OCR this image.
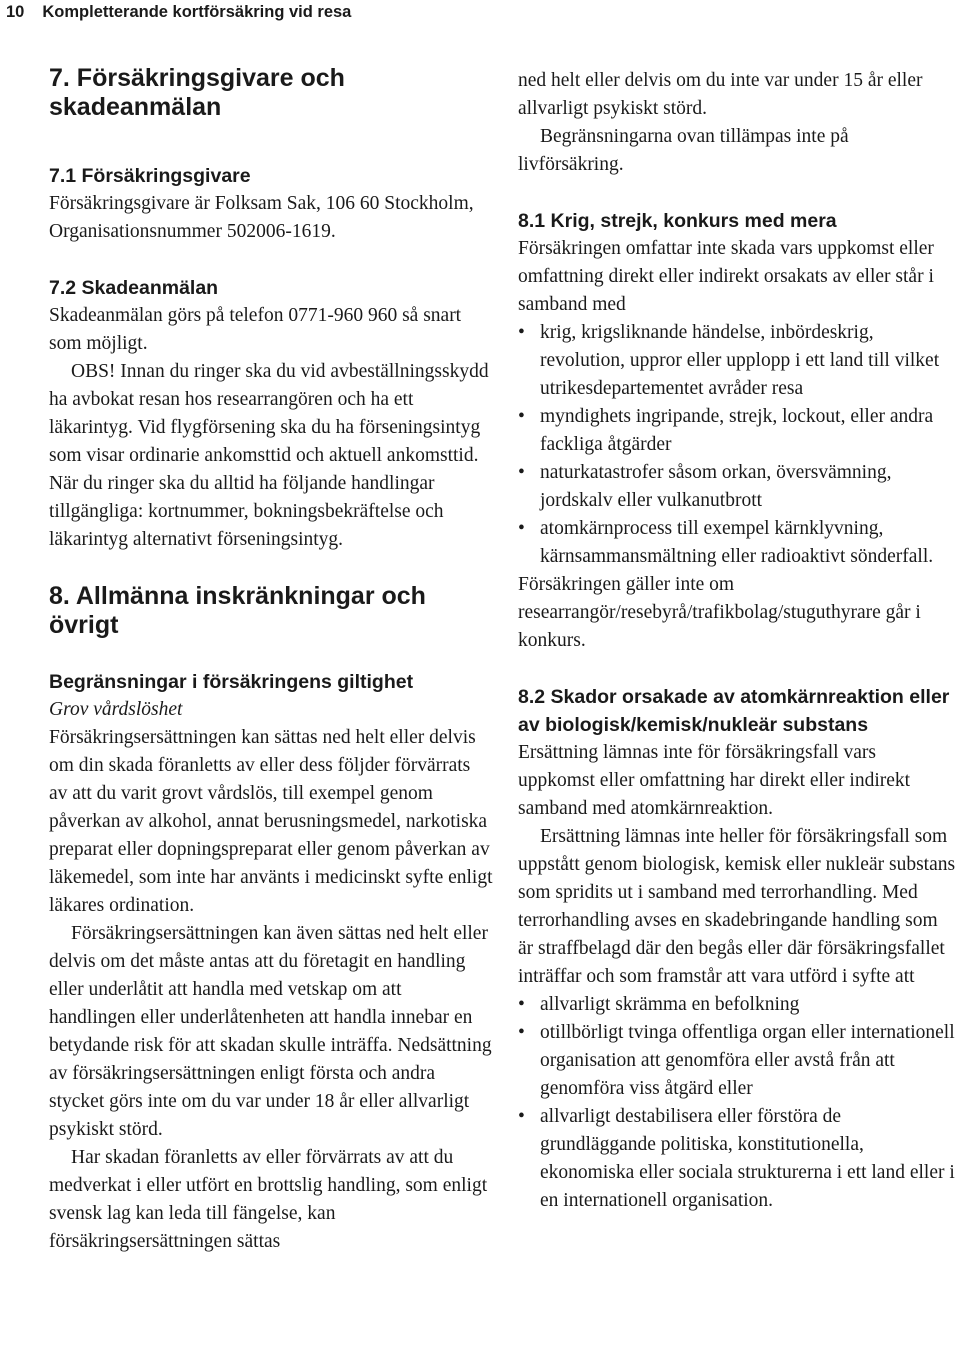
10 Kompletterande kortförsäkring vid resa
7. Försäkringsgivare och skadeanmälan
7.1 Försäkringsgivare

Försäkringsgivare är Folksam Sak, 106 60 Stockholm, Organisationsnummer 502006-1619.

7.2 Skadeanmälan

Skadeanmälan görs på telefon 0771-960 960 så snart som möjligt.

OBS! Innan du ringer ska du vid avbeställningsskydd ha avbokat resan hos researrangören och ha ett läkarintyg. Vid flygförsening ska du ha förseningsintyg som visar ordinarie ankomsttid och aktuell ankomsttid. När du ringer ska du alltid ha följande handlingar tillgängliga: kortnummer, bokningsbekräftelse och läkarintyg alternativt förseningsintyg.

8. Allmänna inskränkningar och övrigt
Begränsningar i försäkringens giltighet

Grov vårdslöshet

Försäkringsersättningen kan sättas ned helt eller delvis om din skada föranletts av eller dess följder förvärrats av att du varit grovt vårdslös, till exempel genom påverkan av alkohol, annat berusningsmedel, narkotiska preparat eller dopningspreparat eller genom påverkan av läkemedel, som inte har använts i medicinskt syfte enligt läkares ordination.

Försäkringsersättningen kan även sättas ned helt eller delvis om det måste antas att du företagit en handling eller underlåtit att handla med vetskap om att handlingen eller underlåtenheten att handla innebar en betydande risk för att skadan skulle inträffa. Nedsättning av försäkringsersättningen enligt första och andra stycket görs inte om du var under 18 år eller allvarligt psykiskt störd.

Har skadan föranletts av eller förvärrats av att du medverkat i eller utfört en brottslig handling, som enligt svensk lag kan leda till fängelse, kan försäkringsersättningen sättas

ned helt eller delvis om du inte var under 15 år eller allvarligt psykiskt störd.

Begränsningarna ovan tillämpas inte på livförsäkring.

8.1 Krig, strejk, konkurs med mera

Försäkringen omfattar inte skada vars uppkomst eller omfattning direkt eller indirekt orsakats av eller står i samband med

• krig, krigsliknande händelse, inbördeskrig, revolution, uppror eller upplopp i ett land till vilket utrikesdepartementet avråder resa
• myndighets ingripande, strejk, lockout, eller andra fackliga åtgärder
• naturkatastrofer såsom orkan, översvämning, jordskalv eller vulkanutbrott
• atomkärnprocess till exempel kärnklyvning, kärnsammansmältning eller radioaktivt sönderfall.

Försäkringen gäller inte om researrangör/resebyrå/trafikbolag/stuguthyrare går i konkurs.

8.2 Skador orsakade av atomkärnreaktion eller av biologisk/kemisk/nukleär substans

Ersättning lämnas inte för försäkringsfall vars uppkomst eller omfattning har direkt eller indirekt samband med atomkärnreaktion.

Ersättning lämnas inte heller för försäkringsfall som uppstått genom biologisk, kemisk eller nukleär substans som spridits ut i samband med terrorhandling. Med terrorhandling avses en skadebringande handling som är straffbelagd där den begås eller där försäkringsfallet inträffar och som framstår att vara utförd i syfte att

• allvarligt skrämma en befolkning
• otillbörligt tvinga offentliga organ eller internationell organisation att genomföra eller avstå från att genomföra viss åtgärd eller
• allvarligt destabilisera eller förstöra de grundläggande politiska, konstitutionella, ekonomiska eller sociala strukturerna i ett land eller i en internationell organisation.
